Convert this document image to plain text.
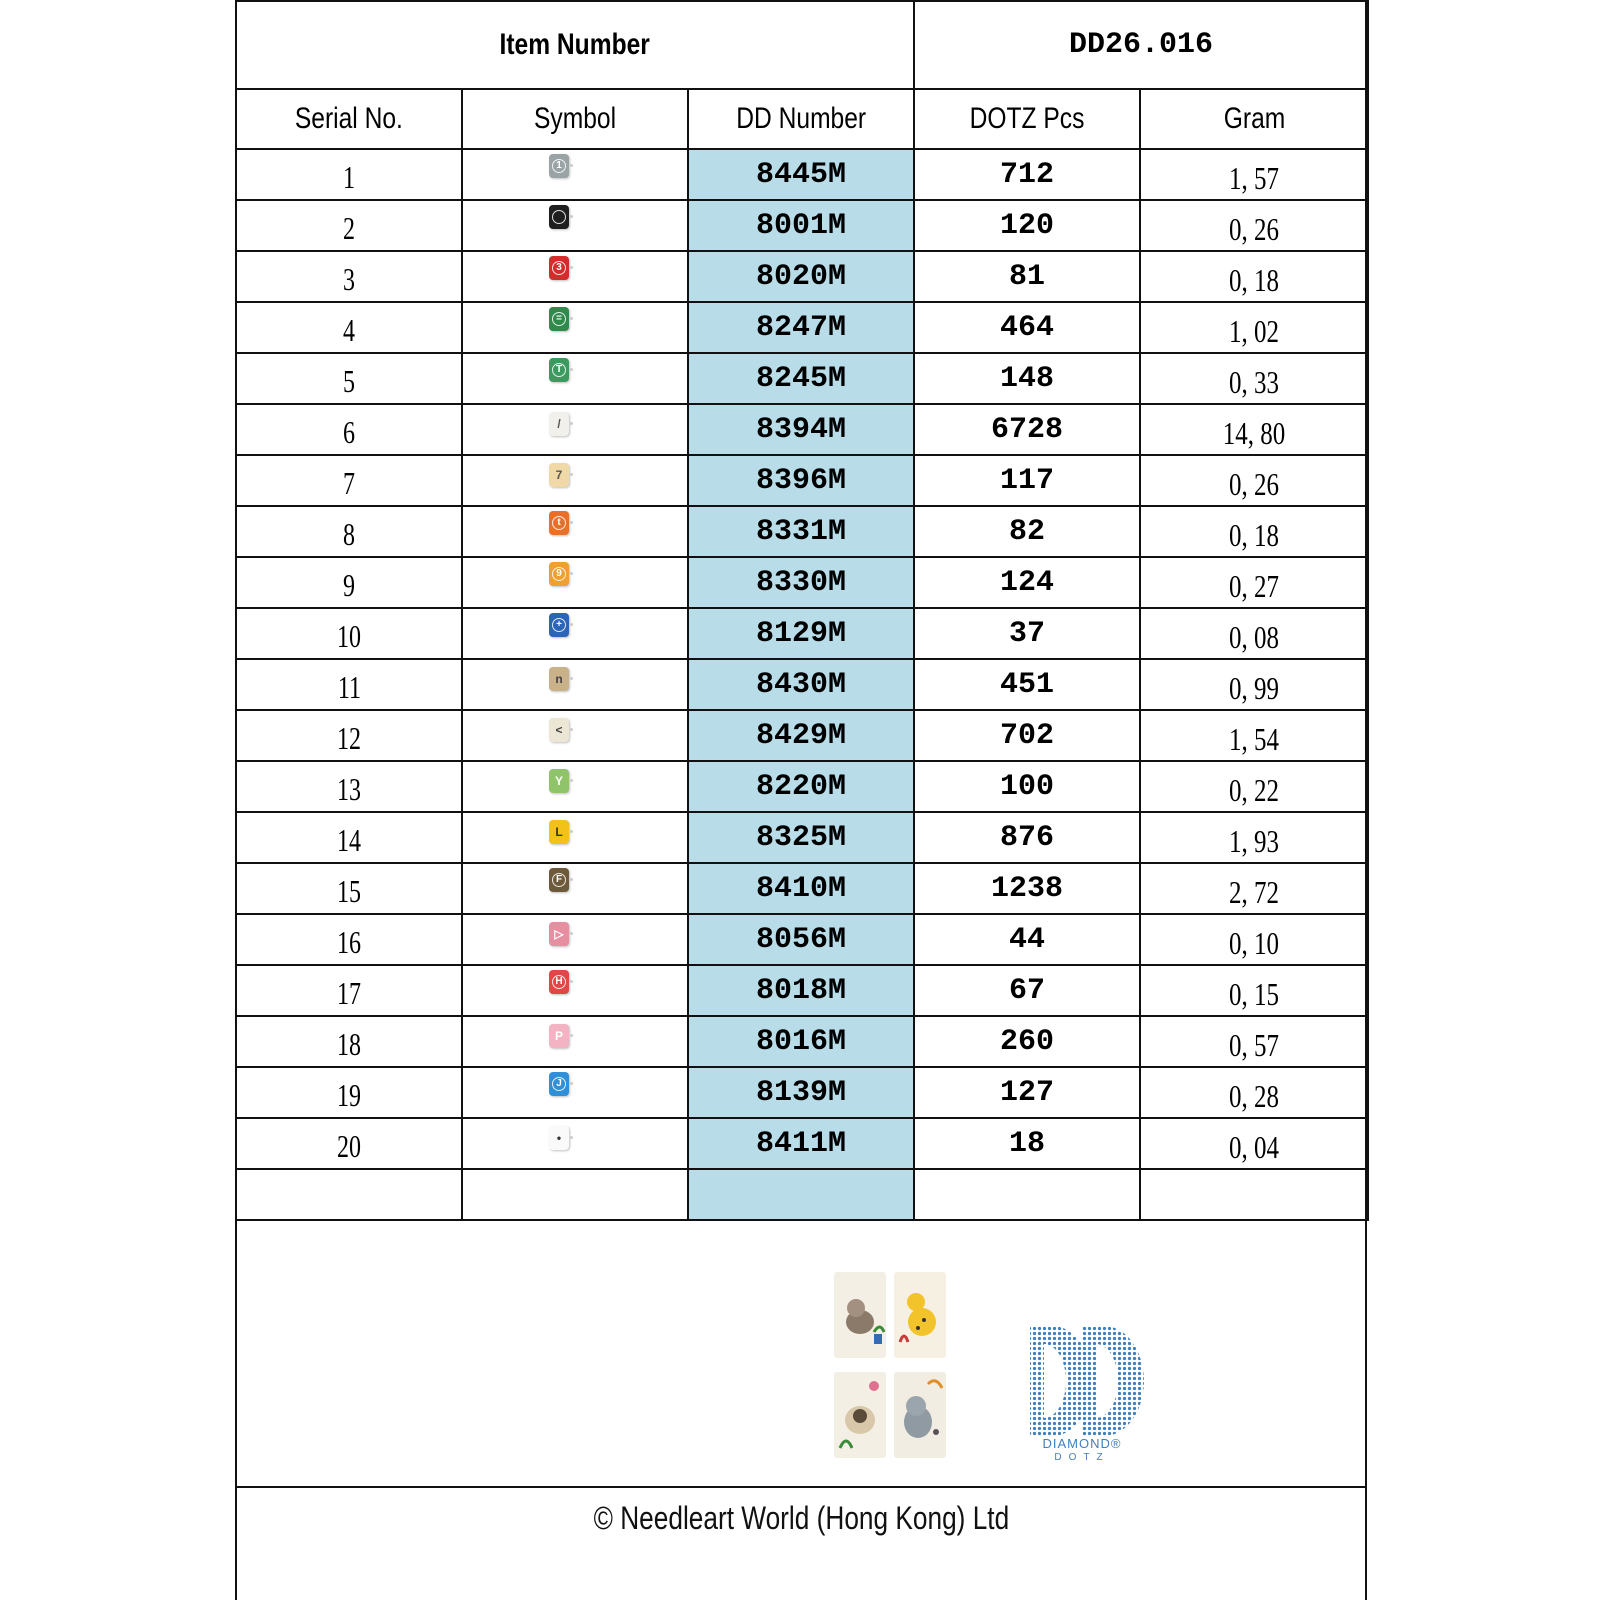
Item Number			DD26.016	
Serial No.	Symbol	DD Number	DOTZ Pcs	Gram
1	1	8445M	712	1, 57
2		8001M	120	0, 26
3	3	8020M	81	0, 18
4	=	8247M	464	1, 02
5	T	8245M	148	0, 33
6	/	8394M	6728	14, 80
7	7	8396M	117	0, 26
8	t	8331M	82	0, 18
9	9	8330M	124	0, 27
10	+	8129M	37	0, 08
11	n	8430M	451	0, 99
12	<	8429M	702	1, 54
13	Y	8220M	100	0, 22
14	L	8325M	876	1, 93
15	F	8410M	1238	2, 72
16	▷	8056M	44	0, 10
17	H	8018M	67	0, 15
18	P	8016M	260	0, 57
19	J	8139M	127	0, 28
20	•	8411M	18	0, 04

DIAMOND®
DOTZ
© Needleart World (Hong Kong) Ltd
